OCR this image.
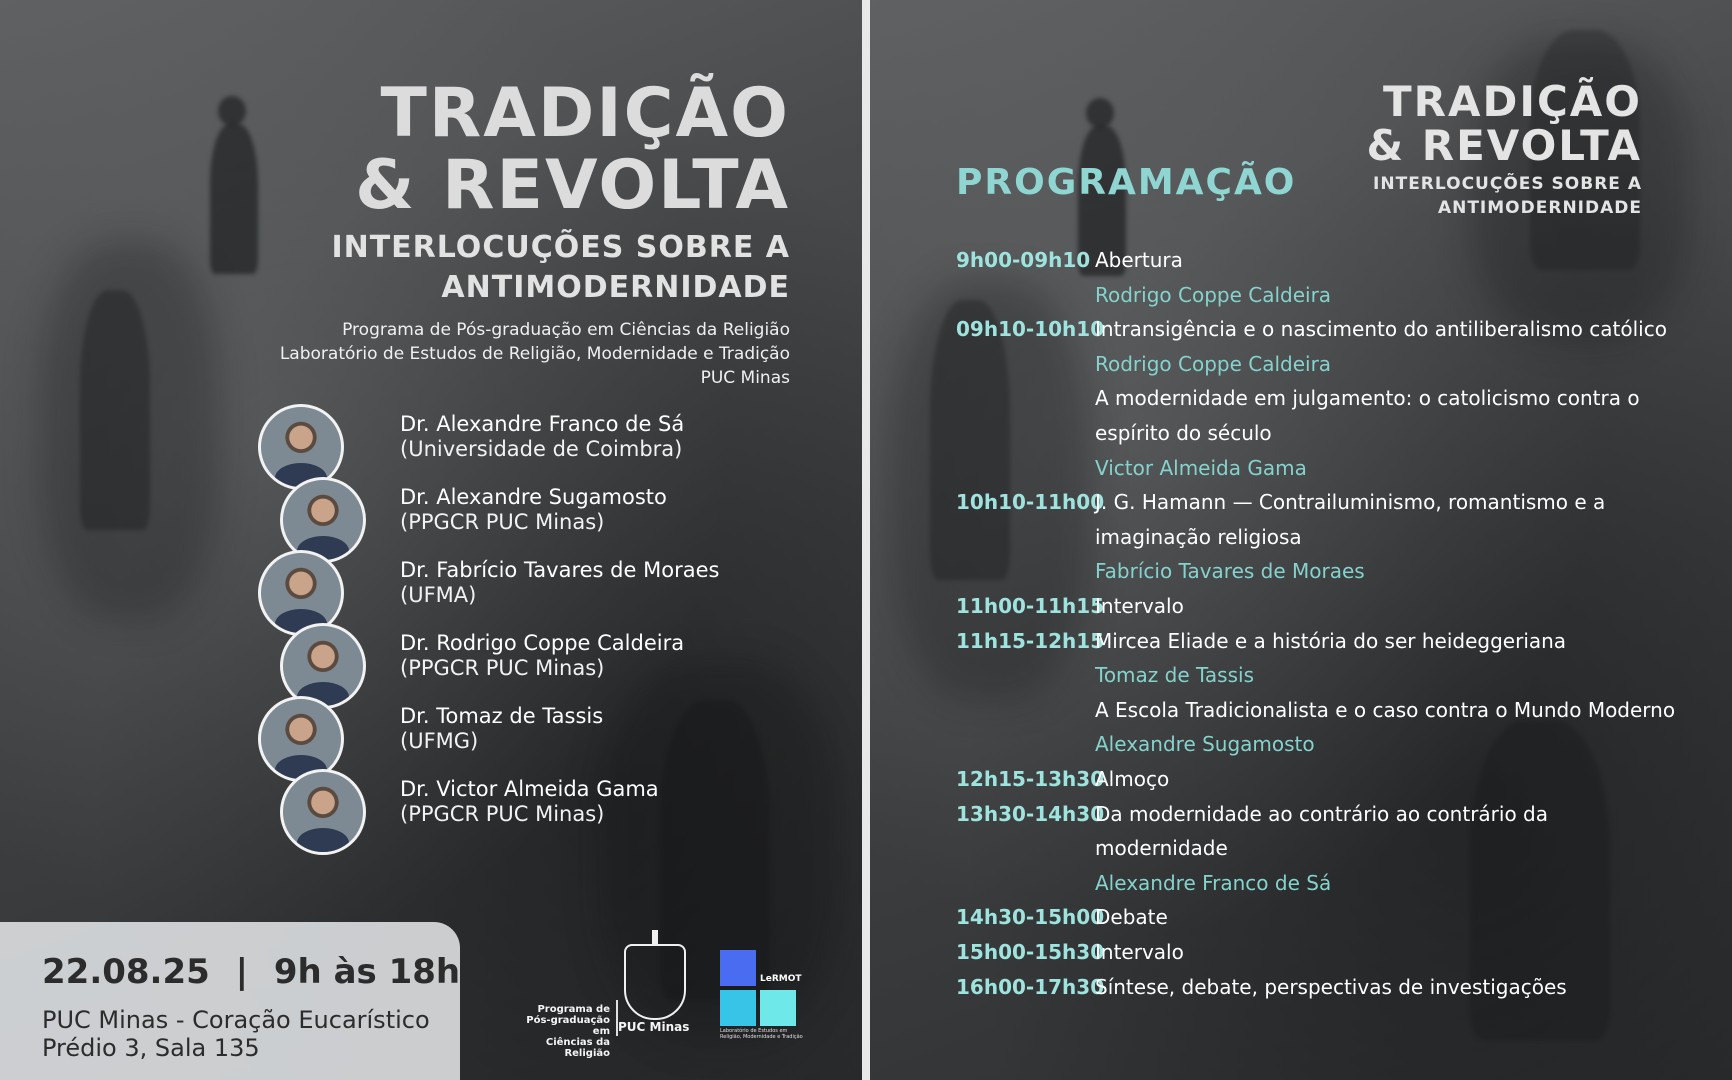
TRADIÇÃO
& REVOLTA
INTERLOCUÇÕES SOBRE A
ANTIMODERNIDADE
Programa de Pós-graduação em Ciências da Religião
Laboratório de Estudos de Religião, Modernidade e Tradição
PUC Minas
Dr. Alexandre Franco de Sá
(Universidade de Coimbra)
Dr. Alexandre Sugamosto
(PPGCR PUC Minas)
Dr. Fabrício Tavares de Moraes
(UFMA)
Dr. Rodrigo Coppe Caldeira
(PPGCR PUC Minas)
Dr. Tomaz de Tassis
(UFMG)
Dr. Victor Almeida Gama
(PPGCR PUC Minas)
22.08.25 | 9h às 18h
PUC Minas - Coração Eucarístico
Prédio 3, Sala 135
Programa de
Pós-graduação em
Ciências da Religião
PUC Minas
LeRMOT
Laboratório de Estudos em Religião, Modernidade e Tradição
TRADIÇÃO
& REVOLTA
INTERLOCUÇÕES SOBRE A
ANTIMODERNIDADE
PROGRAMAÇÃO
9h00-09h10 Abertura
Rodrigo Coppe Caldeira
09h10-10h10
Intransigência e o nascimento do antiliberalismo católico
Rodrigo Coppe Caldeira
A modernidade em julgamento: o catolicismo contra o
espírito do século
Victor Almeida Gama
10h10-11h00
J. G. Hamann — Contrailuminismo, romantismo e a
imaginação religiosa
Fabrício Tavares de Moraes
11h00-11h15
Intervalo
11h15-12h15
Mircea Eliade e a história do ser heideggeriana
Tomaz de Tassis
A Escola Tradicionalista e o caso contra o Mundo Moderno
Alexandre Sugamosto
12h15-13h30
Almoço
13h30-14h30
Da modernidade ao contrário ao contrário da
modernidade
Alexandre Franco de Sá
14h30-15h00
Debate
15h00-15h30
Intervalo
16h00-17h30
Síntese, debate, perspectivas de investigações
